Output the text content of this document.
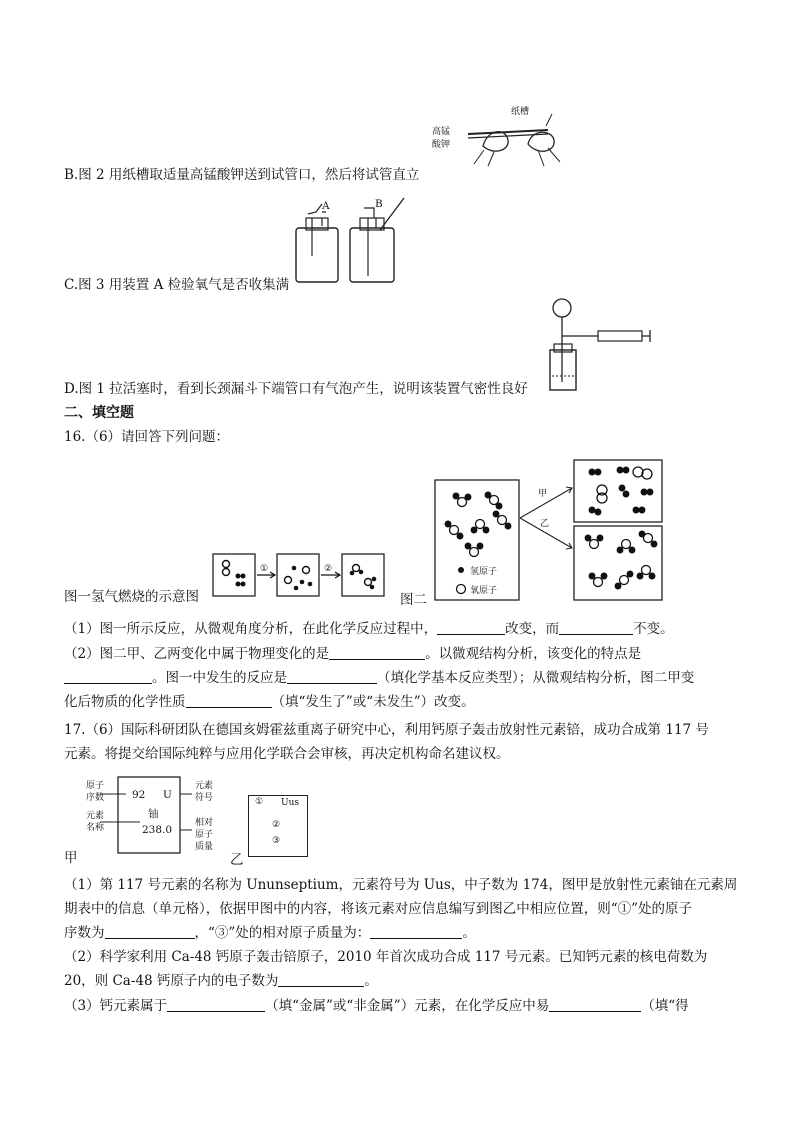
纸槽
高锰
酸钾
B.图 2 用纸槽取适量高锰酸钾送到试管口，然后将试管直立
A	B
C.图 3 用装置 A 检验氧气是否收集满
D.图 1 拉活塞时，看到长颈漏斗下端管口有气泡产生，说明该装置气密性良好
二、填空题
16.（6）请回答下列问题：
①	②
图一氢气燃烧的示意图	图二
甲
乙
氢原子
氧原子
（1）图一所示反应，从微观角度分析，在此化学反应过程中，	改变，而	不变。
（2）图二甲、乙两变化中属于物理变化的是	。以微观结构分析，该变化的特点是
。图一中发生的反应是	（填化学基本反应类型）；从微观结构分析，图二甲变
化后物质的化学性质	（填“发生了”或“未发生”）改变。
17.（6）国际科研团队在德国亥姆霍兹重离子研究中心，利用钙原子轰击放射性元素锫，成功合成第 117 号
元素。将提交给国际纯粹与应用化学联合会审核，再决定机构命名建议权。
原子
序数
元素
名称
元素
符号
相对
原子
质量
92 U
铀
238.0
甲	乙
① Uus
②
③
（1）第 117 号元素的名称为 Ununseptium，元素符号为 Uus，中子数为 174，图甲是放射性元素铀在元素周
期表中的信息（单元格），依据甲图中的内容，将该元素对应信息编写到图乙中相应位置，则“①”处的原子
序数为	，“③”处的相对原子质量为：	。
（2）科学家利用 Ca-48 钙原子轰击锫原子，2010 年首次成功合成 117 号元素。已知钙元素的核电荷数为
20，则 Ca-48 钙原子内的电子数为	。
（3）钙元素属于	（填“金属”或“非金属”）元素，在化学反应中易	（填“得
